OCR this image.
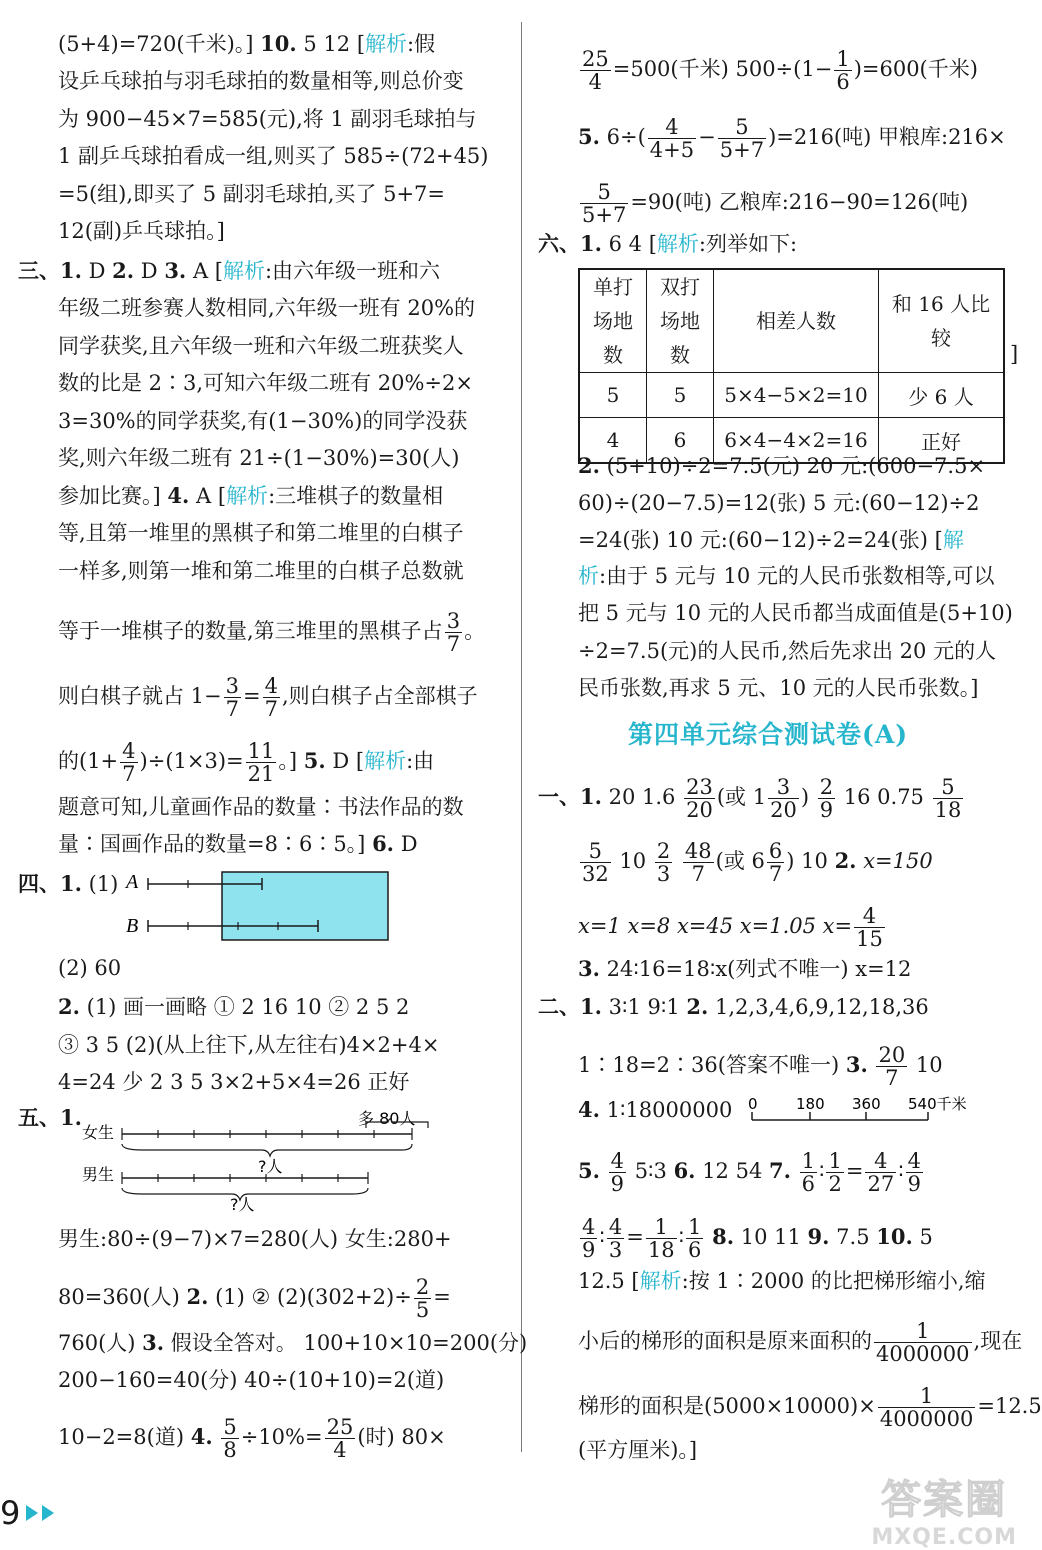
(5+4)=720(千米)。] 10. 5 12 [解析:假
设乒乓球拍与羽毛球拍的数量相等,则总价变
为 900−45×7=585(元),将 1 副羽毛球拍与
1 副乒乓球拍看成一组,则买了 585÷(72+45)
=5(组),即买了 5 副羽毛球拍,买了 5+7=
12(副)乒乓球拍。]
三、1. D 2. D 3. A [解析:由六年级一班和六
年级二班参赛人数相同,六年级一班有 20%的
同学获奖,且六年级一班和六年级二班获奖人
数的比是 2∶3,可知六年级二班有 20%÷2×
3=30%的同学获奖,有(1−30%)的同学没获
奖,则六年级二班有 21÷(1−30%)=30(人)
参加比赛。] 4. A [解析:三堆棋子的数量相
等,且第一堆里的黑棋子和第二堆里的白棋子
一样多,则第一堆和第二堆里的白棋子总数就
等于一堆棋子的数量,第三堆里的黑棋子占 $\frac{3}{7}$ 。
则白棋子就占 $1- \frac{3}{7} = \frac{4}{7}$ ,则白棋子占全部棋子
的$(1+ \frac{4}{7} )\div(1\times 3)= \frac{11}{21}$ 。] 5. D [解析:由
题意可知,儿童画作品的数量∶书法作品的数
量∶国画作品的数量=8∶6∶5。] 6. D
四、1. (1) A
B
(2) 60
2. (1) 画一画略 ① 2 16 10 ② 2 5 2
③ 3 5 (2)(从上往下,从左往右)4×2+4×
4=24 少 2 3 5 3×2+5×4=26 正好
五、1.
女生
男生
多 80人
?人
?人
男生:80÷(9−7)×7=280(人) 女生:280+
80=360(人) 2. (1) ② $(2)(302+2)\div \frac{2}{5}$ =
760(人) 3. 假设全答对。 100+10×10=200(分)
200−160=40(分) 40÷(10+10)=2(道)
10−2=8(道) 4. $\frac{5}{8} \div 10\%= \frac{25}{4}$ (时) 80×
$\frac{25}{4} =500$(千米) $500\div(1- \frac{1}{6} )=600$(千米)
5. $6\div( \frac{4}{4+5} - \frac{5}{5+7} )=216$(吨) 甲粮库:216×
$\frac{5}{5+7} =90$(吨) 乙粮库:216−90=126(吨)
六、1. 6 4 [解析:列举如下:
单打
场地数	双打
场地数	相差人数	和 16 人比较
5	5	5×4−5×2=10	少 6 人
4	6	6×4−4×2=16	正好
]
2. (5+10)÷2=7.5(元) 20 元:(600−7.5×
60)÷(20−7.5)=12(张) 5 元:(60−12)÷2
=24(张) 10 元:(60−12)÷2=24(张) [解
析:由于 5 元与 10 元的人民币张数相等,可以
把 5 元与 10 元的人民币都当成面值是(5+10)
÷2=7.5(元)的人民币,然后先求出 20 元的人
民币张数,再求 5 元、10 元的人民币张数。]
第四单元综合测试卷(A)
一、1. 20 $1.6 \frac{23}{20}$ (或 $1 \frac{3}{20}$ ) $\frac{2}{9} 16$ $0.75 \frac{5}{18}$
$\frac{5}{32} 10 \frac{2}{3}$
$\frac{48}{7}$ (或 $6 \frac{6}{7}$ ) 10 2. x=150
x=1 x=8 x=45 x=1.05 $x= \frac{4}{15}$
3. 24∶16=18∶x(列式不唯一) x=12
二、1. 3∶1 9∶1 2. 1,2,3,4,6,9,12,18,36
1∶18=2∶36(答案不唯一) 3. $\frac{20}{7} 10$
4. 1∶18000000 0	180 360 540千米
5. $\frac{4}{9}$ 5∶3 6. 12 54 7. $\frac{1}{6}$ ∶ $\frac{1}{2} = \frac{4}{27}$ ∶ $\frac{4}{9}$
$\frac{4}{9}$ ∶ $\frac{4}{3} = \frac{1}{18}$ ∶ $\frac{1}{6} 8$. 10 11 9. 7.5 10. 5
12.5 [解析:按 1∶2000 的比把梯形缩小,缩
小后的梯形的面积是原来面积的 $\frac{1}{4000000}$ ,现在
梯形的面积是$(5000\times 10000)\times \frac{1}{4000000} =12.5$
(平方厘米)。]
9	答案圈
MXQE.COM
